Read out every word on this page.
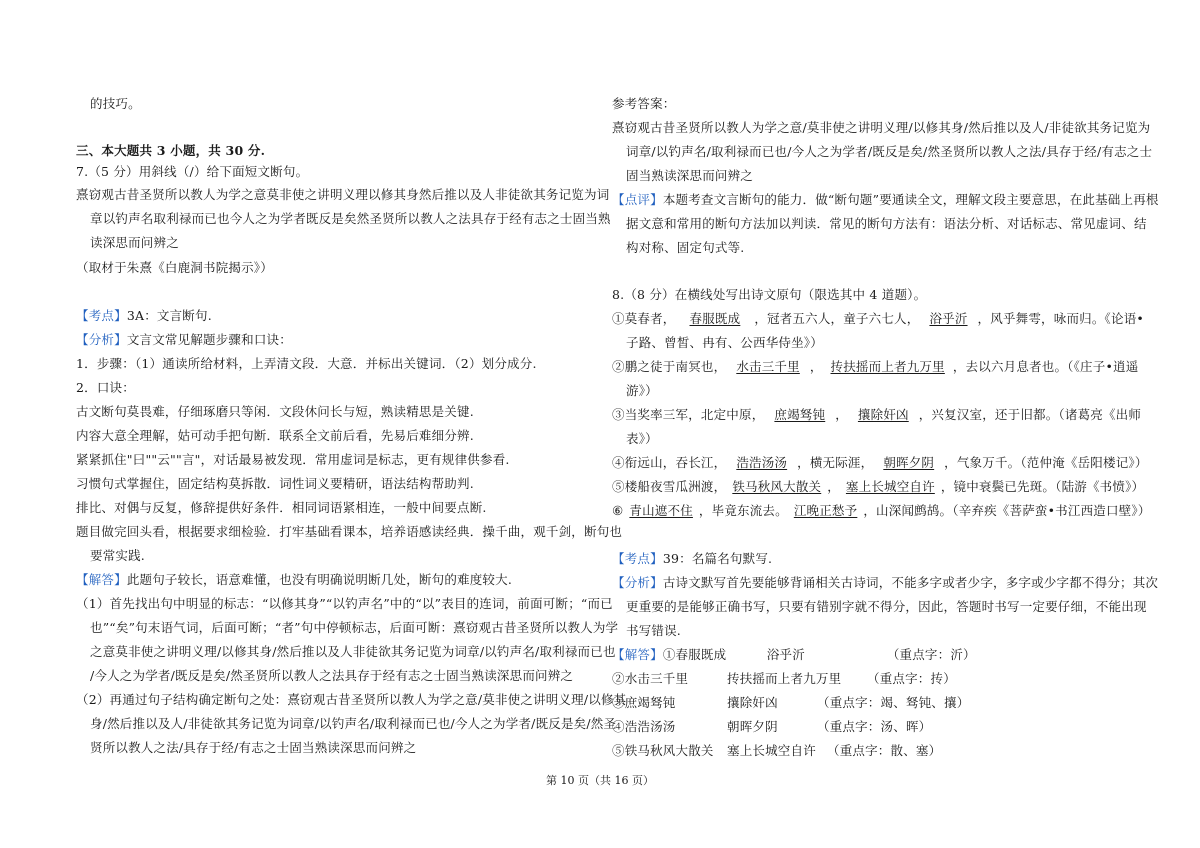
的技巧。
三、本大题共 3 小题，共 30 分.
7.（5 分）用斜线（/）给下面短文断句。
熹窃观古昔圣贤所以教人为学之意莫非使之讲明义理以修其身然后推以及人非徒欲其务记览为词
章以钓声名取利禄而已也今人之为学者既反是矣然圣贤所以教人之法具存于经有志之士固当熟
读深思而问辨之
（取材于朱熹《白鹿洞书院揭示》）
【考点】3A：文言断句.
【分析】文言文常见解题步骤和口诀：
1．步骤：（1）通读所给材料，上弄清文段．大意．并标出关键词．（2）划分成分.
2．口诀：
古文断句莫畏难，仔细琢磨只等闲．文段休问长与短，熟读精思是关键.
内容大意全理解，姑可动手把句断．联系全文前后看，先易后难细分辨.
紧紧抓住"曰""云""言"，对话最易被发现．常用虚词是标志，更有规律供参看.
习惯句式掌握住，固定结构莫拆散．词性词义要精研，语法结构帮助判.
排比、对偶与反复，修辞提供好条件．相同词语紧相连，一般中间要点断.
题目做完回头看，根据要求细检验．打牢基础看课本，培养语感读经典．操千曲，观千剑，断句也
要常实践.
【解答】此题句子较长，语意难懂，也没有明确说明断几处，断句的难度较大.
（1）首先找出句中明显的标志：“以修其身”“以钓声名”中的“以”表目的连词，前面可断；“而已
也”“矣”句末语气词，后面可断；“者”句中停顿标志，后面可断：熹窃观古昔圣贤所以教人为学
之意莫非使之讲明义理/以修其身/然后推以及人非徒欲其务记览为词章/以钓声名/取利禄而已也
/今人之为学者/既反是矣/然圣贤所以教人之法具存于经有志之士固当熟读深思而问辨之
（2）再通过句子结构确定断句之处：熹窃观古昔圣贤所以教人为学之意/莫非使之讲明义理/以修其
身/然后推以及人/非徒欲其务记览为词章/以钓声名/取利禄而已也/今人之为学者/既反是矣/然圣
贤所以教人之法/具存于经/有志之士固当熟读深思而问辨之
参考答案：
熹窃观古昔圣贤所以教人为学之意/莫非使之讲明义理/以修其身/然后推以及人/非徒欲其务记览为
词章/以钓声名/取利禄而已也/今人之为学者/既反是矣/然圣贤所以教人之法/具存于经/有志之士
固当熟读深思而问辨之
【点评】本题考查文言断句的能力．做“断句题”要通读全文，理解文段主要意思，在此基础上再根
据文意和常用的断句方法加以判读．常见的断句方法有：语法分析、对话标志、常见虚词、结
构对称、固定句式等.
8.（8 分）在横线处写出诗文原句（限选其中 4 道题）。
①莫春者， 春服既成 ，冠者五六人，童子六七人， 浴乎沂 ，风乎舞雩，咏而归。《论语•
子路、曾皙、冉有、公西华侍坐》）
②鹏之徒于南冥也， 水击三千里 ， 抟扶摇而上者九万里 ，去以六月息者也。（《庄子•逍遥
游》）
③当奖率三军，北定中原， 庶竭驽钝 ， 攘除奸凶 ，兴复汉室，还于旧都。（诸葛亮《出师
表》）
④衔远山，吞长江， 浩浩汤汤 ，横无际涯， 朝晖夕阴 ，气象万千。（范仲淹《岳阳楼记》）
⑤楼船夜雪瓜洲渡， 铁马秋风大散关 ， 塞上长城空自许 ，镜中衰鬓已先斑。（陆游《书愤》）
⑥ 青山遮不住 ，毕竟东流去。 江晚正愁予 ，山深闻鹧鸪。（辛弃疾《菩萨蛮•书江西造口壁》）
【考点】39：名篇名句默写.
【分析】古诗文默写首先要能够背诵相关古诗词，不能多字或者少字，多字或少字都不得分；其次
更重要的是能够正确书写，只要有错别字就不得分，因此，答题时书写一定要仔细，不能出现
书写错误.
【解答】①春服既成	浴乎沂	（重点字：沂）
②水击三千里	抟扶摇而上者九万里 （重点字：抟）
③庶竭驽钝	攘除奸凶	（重点字：竭、驽钝、攘）
④浩浩汤汤	朝晖夕阴	（重点字：汤、晖）
⑤铁马秋风大散关 塞上长城空自许 （重点字：散、塞）
第 10 页（共 16 页）
